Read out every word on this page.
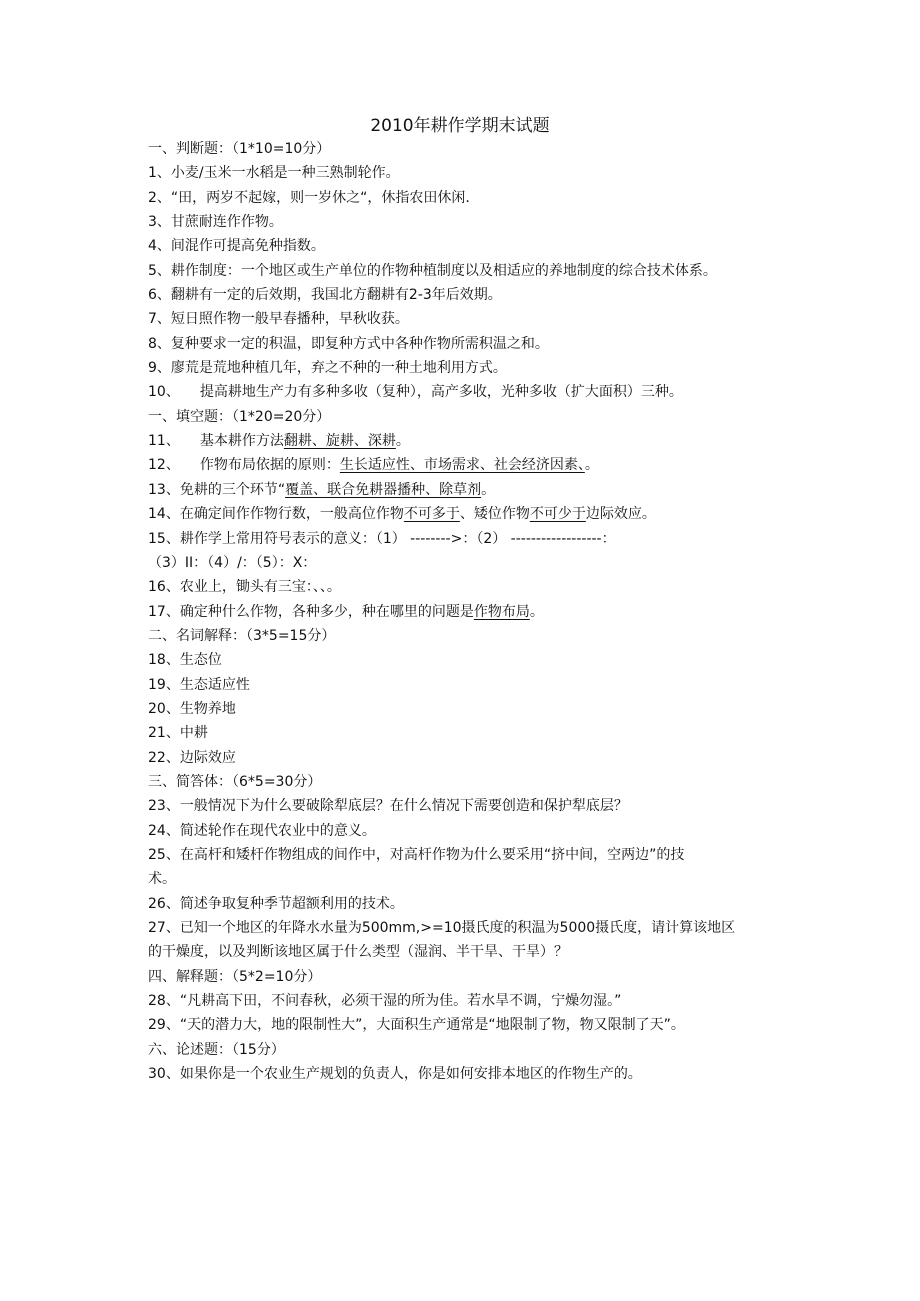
2010年耕作学期末试题

一、判断题：（1*10=10分）

1、小麦/玉米一水稻是一种三熟制轮作。

2、“田，两岁不起嫁，则一岁休之“，休指农田休闲.

3、甘蔗耐连作作物。

4、间混作可提高免种指数。

5、耕作制度：一个地区或生产单位的作物种植制度以及相适应的养地制度的综合技术体系。

6、翻耕有一定的后效期，我国北方翻耕有2-3年后效期。

7、短日照作物一般早春播种，早秋收获。

8、复种要求一定的积温，即复种方式中各种作物所需积温之和。

9、廖荒是荒地种植几年，弃之不种的一种土地利用方式。

10、 提高耕地生产力有多种多收（复种），高产多收，光种多收（扩大面积）三种。

一、填空题：（1*20=20分）

11、 基本耕作方法翻耕、旋耕、深耕。

12、 作物布局依据的原则：生长适应性、市场需求、社会经济因素、。

13、免耕的三个环节“覆盖、联合免耕器播种、除草剂。

14、在确定间作作物行数，一般高位作物不可多于、矮位作物不可少于边际效应。

15、耕作学上常用符号表示的意义：（1） -------->：（2） ------------------：

（3）II：（4）/：（5）：X：

16、农业上，锄头有三宝：、、。

17、确定种什么作物，各种多少，种在哪里的问题是作物布局。

二、名词解释：（3*5=15分）

18、生态位

19、生态适应性

20、生物养地

21、中耕

22、边际效应

三、简答体：（6*5=30分）

23、一般情况下为什么要破除犁底层？在什么情况下需要创造和保护犁底层？

24、简述轮作在现代农业中的意义。

25、在高杆和矮杆作物组成的间作中，对高杆作物为什么要采用“挤中间，空两边”的技

术。

26、简述争取复种季节超额利用的技术。

27、已知一个地区的年降水水量为500mm,>=10摄氏度的积温为5000摄氏度，请计算该地区

的干燥度，以及判断该地区属于什么类型（湿润、半干旱、干旱）？

四、解释题：（5*2=10分）

28、“凡耕高下田，不问春秋，必须干湿的所为佳。若水旱不调，宁燥勿湿。”

29、“天的潜力大，地的限制性大”，大面积生产通常是“地限制了物，物又限制了天”。

六、论述题：（15分）

30、如果你是一个农业生产规划的负责人，你是如何安排本地区的作物生产的。
